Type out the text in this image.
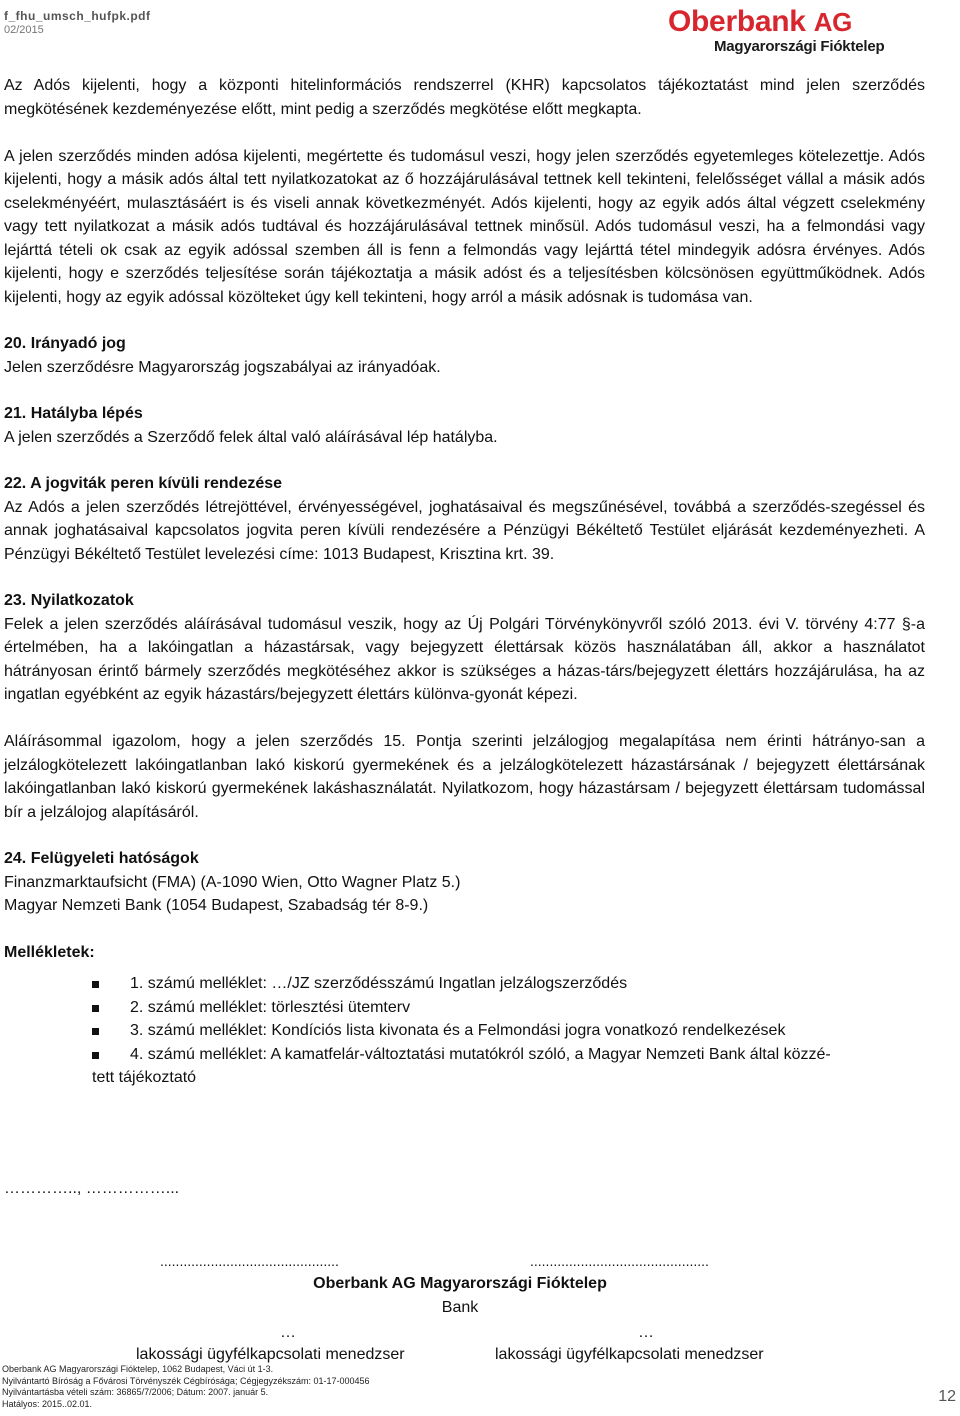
f_fhu_umsch_hufpk.pdf
02/2015	Oberbank AG
Magyarországi Fióktelep

Az Adós kijelenti, hogy a központi hitelinformációs rendszerrel (KHR) kapcsolatos tájékoztatást mind jelen szerződés megkötésének kezdeményezése előtt, mint pedig a szerződés megkötése előtt megkapta.

A jelen szerződés minden adósa kijelenti, megértette és tudomásul veszi, hogy jelen szerződés egyetemleges kötelezettje. Adós kijelenti, hogy a másik adós által tett nyilatkozatokat az ő hozzájárulásával tettnek kell tekinteni, felelősséget vállal a másik adós cselekményéért, mulasztásáért is és viseli annak következményét. Adós kijelenti, hogy az egyik adós által végzett cselekmény vagy tett nyilatkozat a másik adós tudtával és hozzájárulásával tettnek minősül. Adós tudomásul veszi, ha a felmondási vagy lejárttá tételi ok csak az egyik adóssal szemben áll is fenn a felmondás vagy lejárttá tétel mindegyik adósra érvényes. Adós kijelenti, hogy e szerződés teljesítése során tájékoztatja a másik adóst és a teljesítésben kölcsönösen együttműködnek. Adós kijelenti, hogy az egyik adóssal közölteket úgy kell tekinteni, hogy arról a másik adósnak is tudomása van.

20. Irányadó jog

Jelen szerződésre Magyarország jogszabályai az irányadóak.

21. Hatályba lépés

A jelen szerződés a Szerződő felek által való aláírásával lép hatályba.

22. A jogviták peren kívüli rendezése

Az Adós a jelen szerződés létrejöttével, érvényességével, joghatásaival és megszűnésével, továbbá a szerződés-szegéssel és annak joghatásaival kapcsolatos jogvita peren kívüli rendezésére a Pénzügyi Békéltető Testület eljárását kezdeményezheti. A Pénzügyi Békéltető Testület levelezési címe: 1013 Budapest, Krisztina krt. 39.

23. Nyilatkozatok

Felek a jelen szerződés aláírásával tudomásul veszik, hogy az Új Polgári Törvénykönyvről szóló 2013. évi V. törvény 4:77 §-a értelmében, ha a lakóingatlan a házastársak, vagy bejegyzett élettársak közös használatában áll, akkor a használatot hátrányosan érintő bármely szerződés megkötéséhez akkor is szükséges a házas-társ/bejegyzett élettárs hozzájárulása, ha az ingatlan egyébként az egyik házastárs/bejegyzett élettárs különva-gyonát képezi.

Aláírásommal igazolom, hogy a jelen szerződés 15. Pontja szerinti jelzálogjog megalapítása nem érinti hátrányo-san a jelzálogkötelezett lakóingatlanban lakó kiskorú gyermekének és a jelzálogkötelezett házastársának / bejegyzett élettársának lakóingatlanban lakó kiskorú gyermekének lakáshasználatát. Nyilatkozom, hogy házastársam / bejegyzett élettársam tudomással bír a jelzálojog alapításáról.

24. Felügyeleti hatóságok
Finanzmarktaufsicht (FMA) (A-1090 Wien, Otto Wagner Platz 5.)
Magyar Nemzeti Bank (1054 Budapest, Szabadság tér 8-9.)
Mellékletek:
1. számú melléklet: …/JZ szerződésszámú Ingatlan jelzálogszerződés
2. számú melléklet: törlesztési ütemterv
3. számú melléklet: Kondíciós lista kivonata és a Felmondási jogra vonatkozó rendelkezések
4. számú melléklet: A kamatfelár-változtatási mutatókról szóló, a Magyar Nemzeti Bank által közzé-
tett tájékoztató
………….., ……………...
..............................................	..............................................
Oberbank AG Magyarországi Fióktelep
Bank
…	…
lakossági ügyfélkapcsolati menedzser	lakossági ügyfélkapcsolati menedzser
Oberbank AG Magyarországi Fióktelep, 1062 Budapest, Váci út 1-3.
Nyilvántartó Bíróság a Fővárosi Törvényszék Cégbírósága; Cégjegyzékszám: 01-17-000456
Nyilvántartásba vételi szám: 36865/7/2006; Dátum: 2007. január 5.
Hatályos: 2015..02.01.	12
